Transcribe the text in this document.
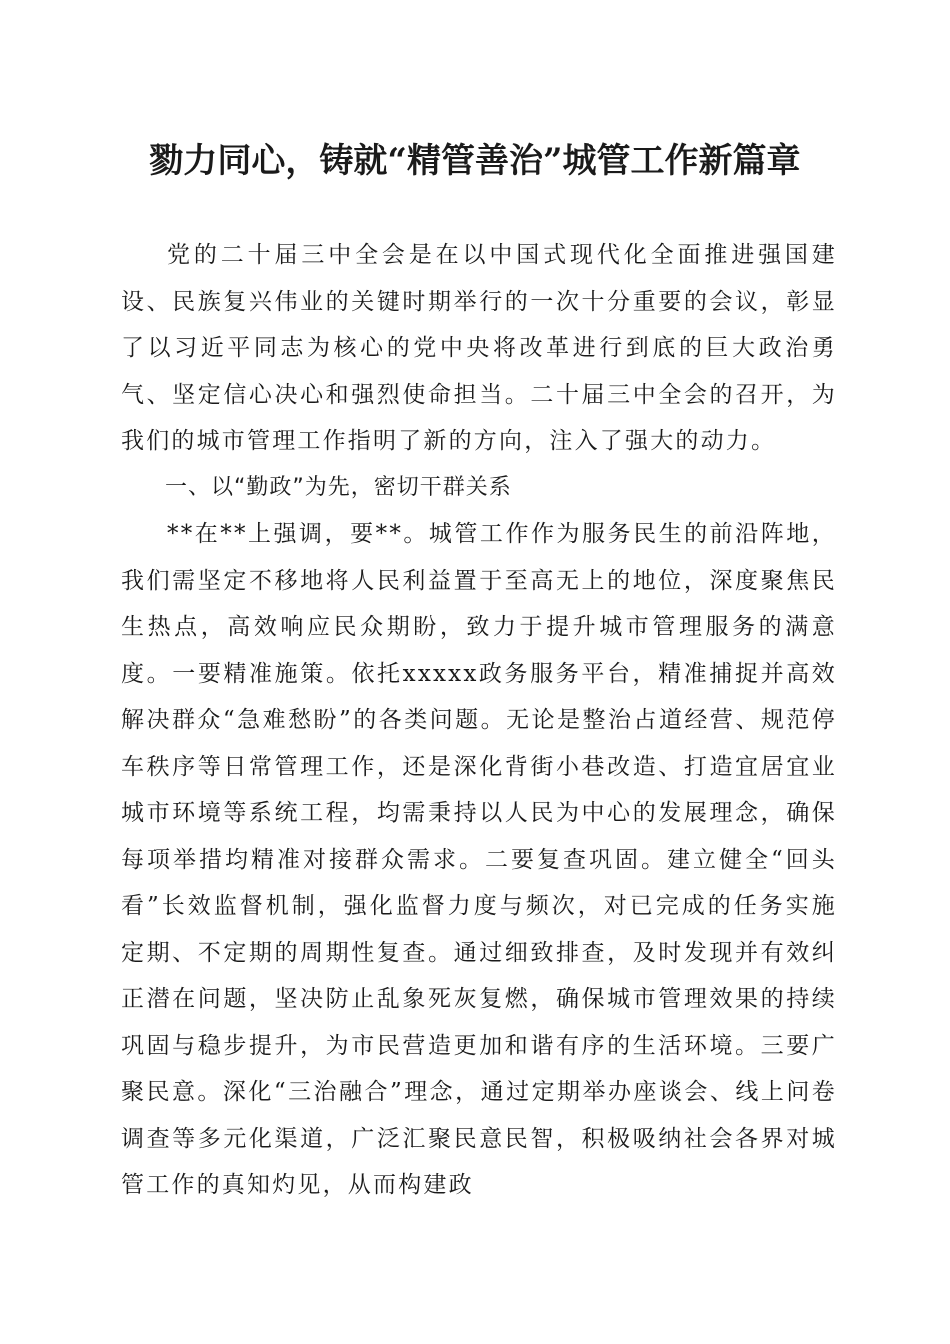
勠力同心，铸就“精管善治”城管工作新篇章

党的二十届三中全会是在以中国式现代化全面推进强国建设、民族复兴伟业的关键时期举行的一次十分重要的会议，彰显了以习近平同志为核心的党中央将改革进行到底的巨大政治勇气、坚定信心决心和强烈使命担当。二十届三中全会的召开，为我们的城市管理工作指明了新的方向，注入了强大的动力。

一、以“勤政”为先，密切干群关系

**在**上强调，要**。城管工作作为服务民生的前沿阵地，我们需坚定不移地将人民利益置于至高无上的地位，深度聚焦民生热点，高效响应民众期盼，致力于提升城市管理服务的满意度。一要精准施策。依托xxxxx政务服务平台，精准捕捉并高效解决群众“急难愁盼”的各类问题。无论是整治占道经营、规范停车秩序等日常管理工作，还是深化背街小巷改造、打造宜居宜业城市环境等系统工程，均需秉持以人民为中心的发展理念，确保每项举措均精准对接群众需求。二要复查巩固。建立健全“回头看”长效监督机制，强化监督力度与频次，对已完成的任务实施定期、不定期的周期性复查。通过细致排查，及时发现并有效纠正潜在问题，坚决防止乱象死灰复燃，确保城市管理效果的持续巩固与稳步提升，为市民营造更加和谐有序的生活环境。三要广聚民意。深化“三治融合”理念，通过定期举办座谈会、线上问卷调查等多元化渠道，广泛汇聚民意民智，积极吸纳社会各界对城管工作的真知灼见，从而构建政
